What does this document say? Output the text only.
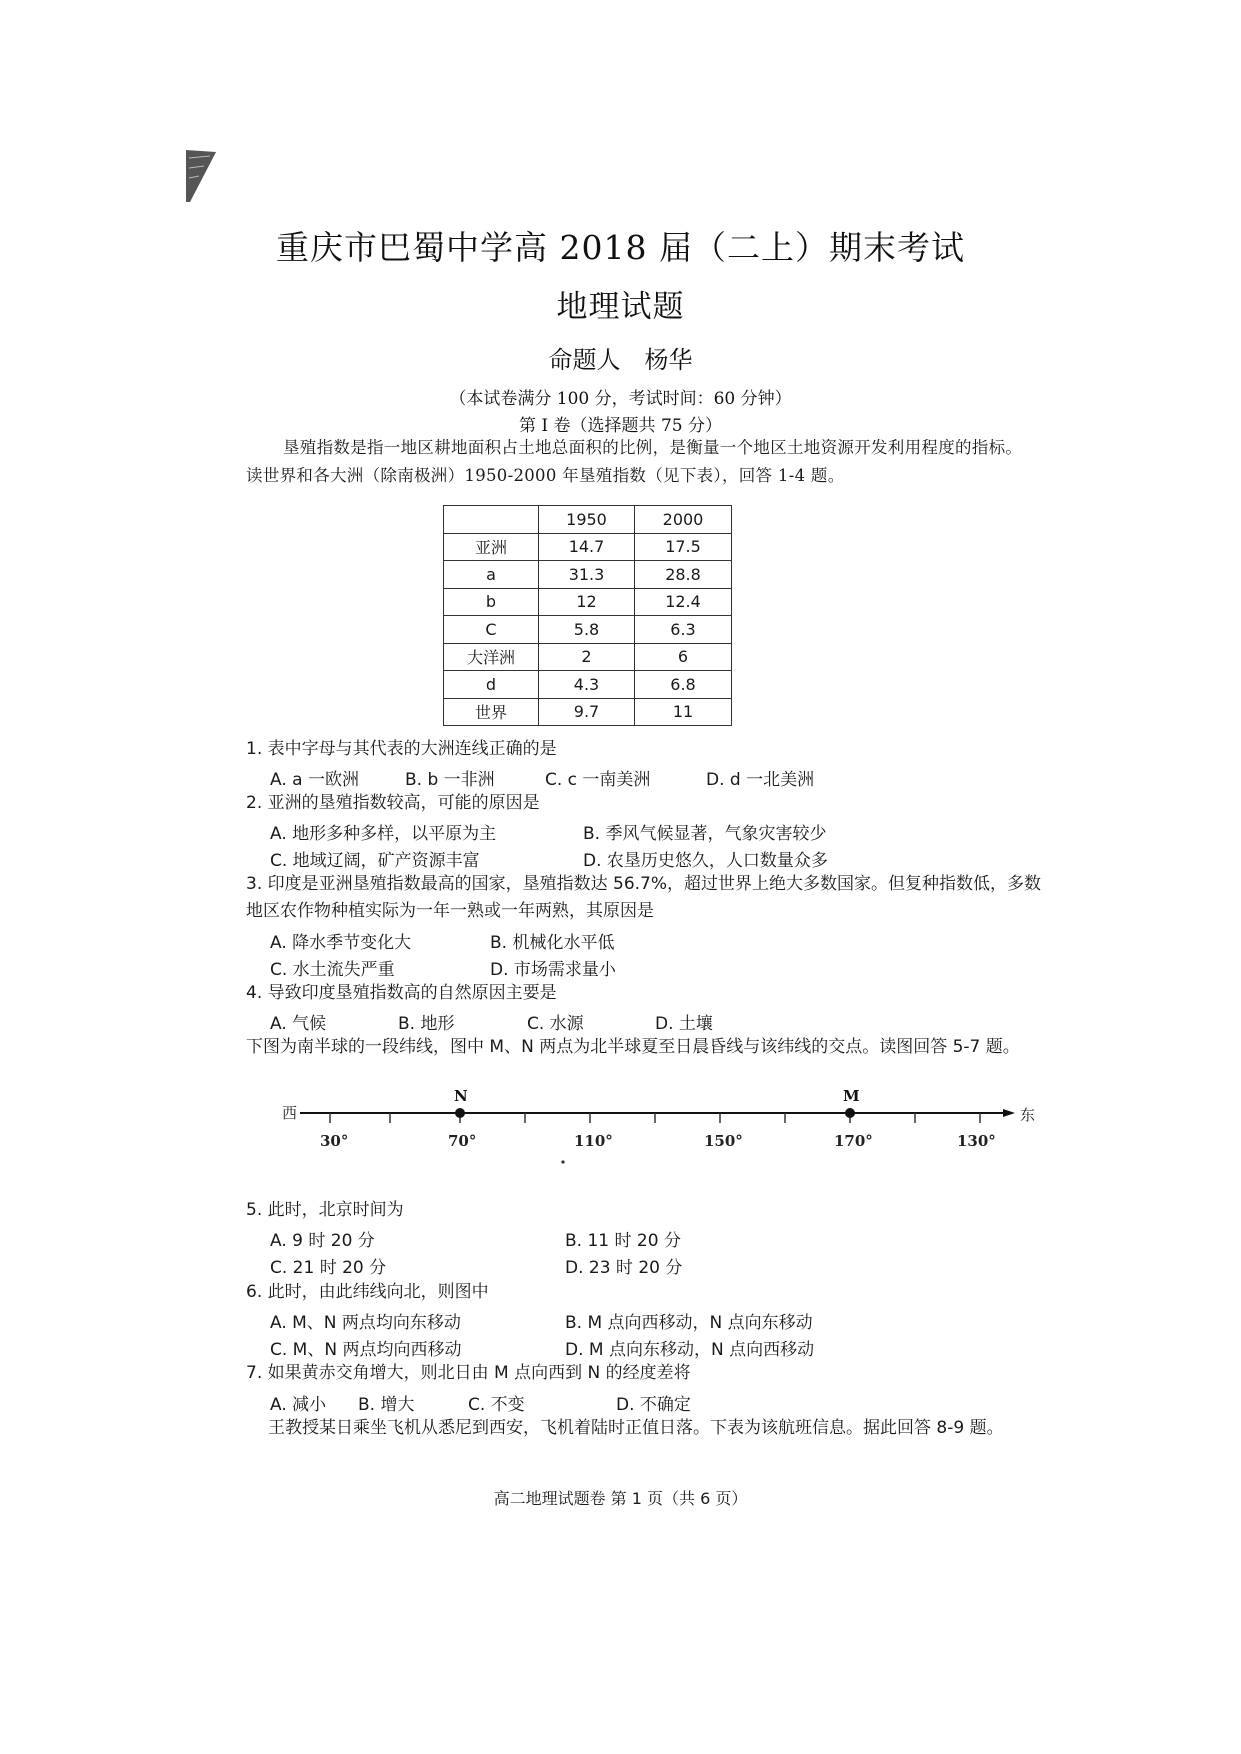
重庆市巴蜀中学高 2018 届（二上）期末考试
地理试题
命题人　杨华
（本试卷满分 100 分，考试时间：60 分钟）
第 I 卷（选择题共 75 分）
垦殖指数是指一地区耕地面积占土地总面积的比例，是衡量一个地区土地资源开发利用程度的指标。
读世界和各大洲（除南极洲）1950-2000 年垦殖指数（见下表），回答 1-4 题。
	1950	2000
亚洲	14.7	17.5
a	31.3	28.8
b	12	12.4
C	5.8	6.3
大洋洲	2	6
d	4.3	6.8
世界	9.7	11
1. 表中字母与其代表的大洲连线正确的是
A. a 一欧洲	B. b 一非洲	C. c 一南美洲	D. d 一北美洲
2. 亚洲的垦殖指数较高，可能的原因是
A. 地形多种多样，以平原为主	B. 季风气候显著，气象灾害较少
C. 地域辽阔，矿产资源丰富	D. 农垦历史悠久，人口数量众多
3. 印度是亚洲垦殖指数最高的国家，垦殖指数达 56.7%，超过世界上绝大多数国家。但复种指数低，多数
地区农作物种植实际为一年一熟或一年两熟，其原因是
A. 降水季节变化大	B. 机械化水平低
C. 水土流失严重	D. 市场需求量小
4. 导致印度垦殖指数高的自然原因主要是
A. 气候	B. 地形	C. 水源	D. 土壤
下图为南半球的一段纬线，图中 M、N 两点为北半球夏至日晨昏线与该纬线的交点。读图回答 5-7 题。
西	东
N	M
30°	70°	110°	150°	170°	130°
5. 此时，北京时间为
A. 9 时 20 分	B. 11 时 20 分
C. 21 时 20 分	D. 23 时 20 分
6. 此时，由此纬线向北，则图中
A. M、N 两点均向东移动	B. M 点向西移动，N 点向东移动
C. M、N 两点均向西移动	D. M 点向东移动，N 点向西移动
7. 如果黄赤交角增大，则北日由 M 点向西到 N 的经度差将
A. 减小 B. 增大	C. 不变	D. 不确定
王教授某日乘坐飞机从悉尼到西安，飞机着陆时正值日落。下表为该航班信息。据此回答 8-9 题。
高二地理试题卷 第 1 页（共 6 页）
